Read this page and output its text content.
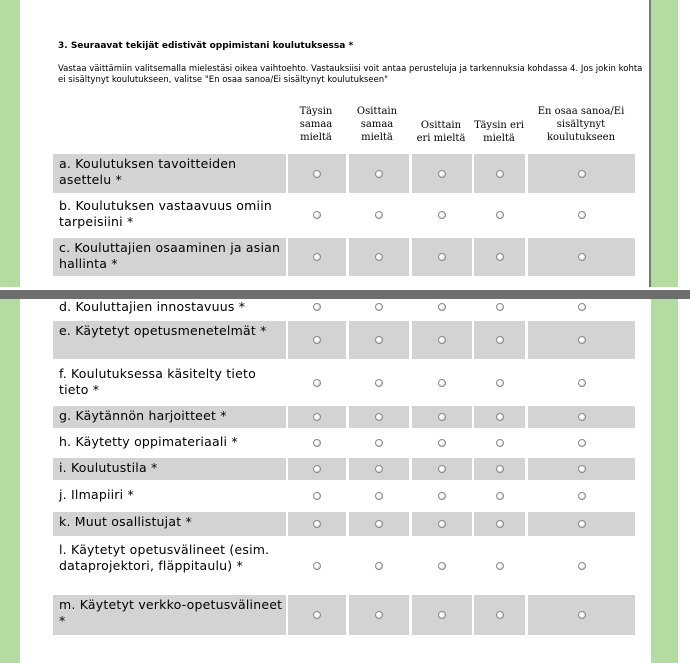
3. Seuraavat tekijät edistivät oppimistani koulutuksessa *
Vastaa väittämiin valitsemalla mielestäsi oikea vaihtoehto. Vastauksiisi voit antaa perusteluja ja tarkennuksia kohdassa 4. Jos jokin kohta ei sisältynyt koulutukseen, valitse "En osaa sanoa/Ei sisältynyt koulutukseen"
Täysin samaa mieltä
Osittain samaa mieltä
Osittain eri mieltä
Täysin eri mieltä
En osaa sanoa/Ei sisältynyt koulutukseen
a. Koulutuksen tavoitteiden asettelu *
b. Koulutuksen vastaavuus omiin tarpeisiini *
c. Kouluttajien osaaminen ja asian hallinta *
d. Kouluttajien innostavuus *
e. Käytetyt opetusmenetelmät *
f. Koulutuksessa käsitelty tieto tieto *
g. Käytännön harjoitteet *
h. Käytetty oppimateriaali *
i. Koulutustila *
j. Ilmapiiri *
k. Muut osallistujat *
l. Käytetyt opetusvälineet (esim. dataprojektori, fläppitaulu) *
m. Käytetyt verkko-opetusvälineet *
